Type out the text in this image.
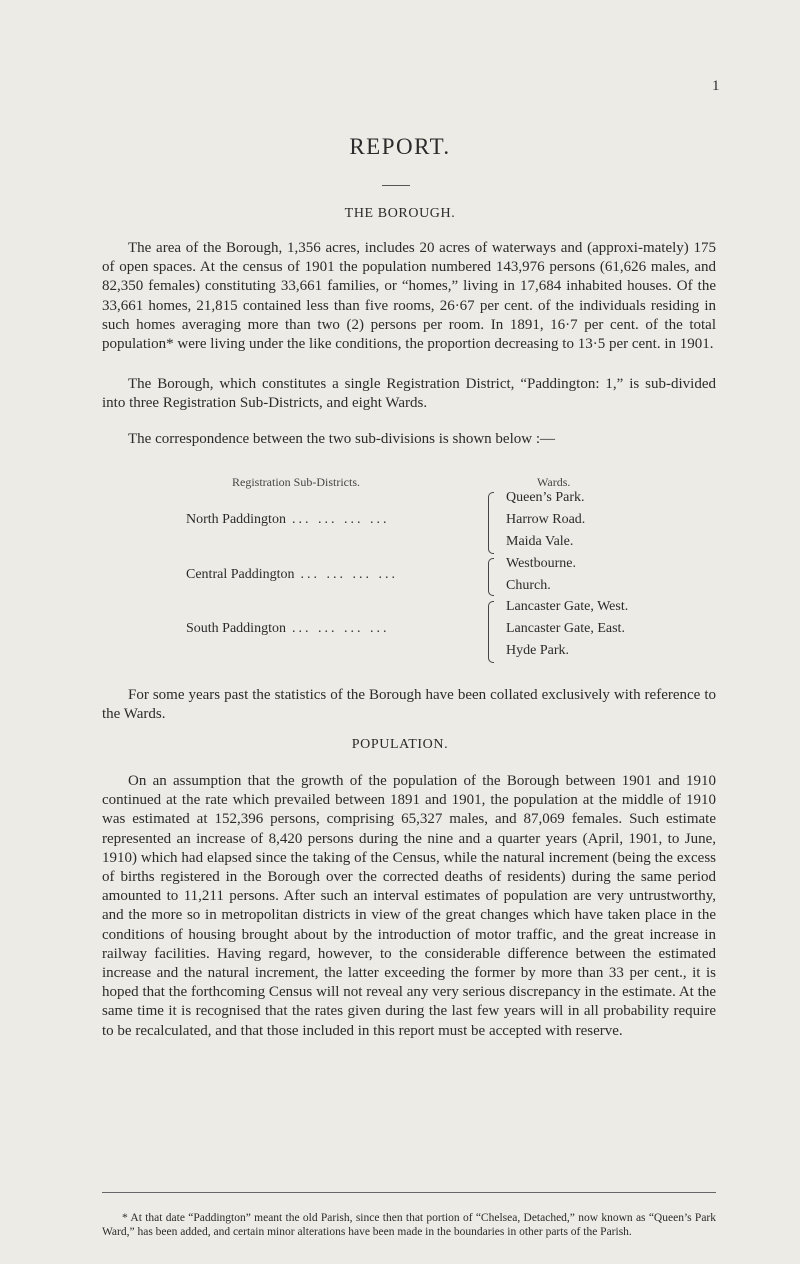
1
REPORT.
THE BOROUGH.

The area of the Borough, 1,356 acres, includes 20 acres of waterways and (approxi-mately) 175 of open spaces. At the census of 1901 the population numbered 143,976 persons (61,626 males, and 82,350 females) constituting 33,661 families, or “homes,” living in 17,684 inhabited houses. Of the 33,661 homes, 21,815 contained less than five rooms, 26·67 per cent. of the individuals residing in such homes averaging more than two (2) persons per room. In 1891, 16·7 per cent. of the total population* were living under the like conditions, the proportion decreasing to 13·5 per cent. in 1901.

The Borough, which constitutes a single Registration District, “Paddington: 1,” is sub-divided into three Registration Sub-Districts, and eight Wards.

The correspondence between the two sub-divisions is shown below :—

Registration Sub-Districts.	Wards.
North Paddington ... ... ... ...
Queen’s Park.
Harrow Road.
Maida Vale.
Central Paddington ... ... ... ...
Westbourne.
Church.
South Paddington ... ... ... ...
Lancaster Gate, West.
Lancaster Gate, East.
Hyde Park.

For some years past the statistics of the Borough have been collated exclusively with reference to the Wards.

POPULATION.

On an assumption that the growth of the population of the Borough between 1901 and 1910 continued at the rate which prevailed between 1891 and 1901, the population at the middle of 1910 was estimated at 152,396 persons, comprising 65,327 males, and 87,069 females. Such estimate represented an increase of 8,420 persons during the nine and a quarter years (April, 1901, to June, 1910) which had elapsed since the taking of the Census, while the natural increment (being the excess of births registered in the Borough over the corrected deaths of residents) during the same period amounted to 11,211 persons. After such an interval estimates of population are very untrustworthy, and the more so in metropolitan districts in view of the great changes which have taken place in the conditions of housing brought about by the introduction of motor traffic, and the great increase in railway facilities. Having regard, however, to the considerable difference between the estimated increase and the natural increment, the latter exceeding the former by more than 33 per cent., it is hoped that the forthcoming Census will not reveal any very serious discrepancy in the estimate. At the same time it is recognised that the rates given during the last few years will in all probability require to be recalculated, and that those included in this report must be accepted with reserve.

* At that date “Paddington” meant the old Parish, since then that portion of “Chelsea, Detached,” now known as “Queen’s Park Ward,” has been added, and certain minor alterations have been made in the boundaries in other parts of the Parish.
